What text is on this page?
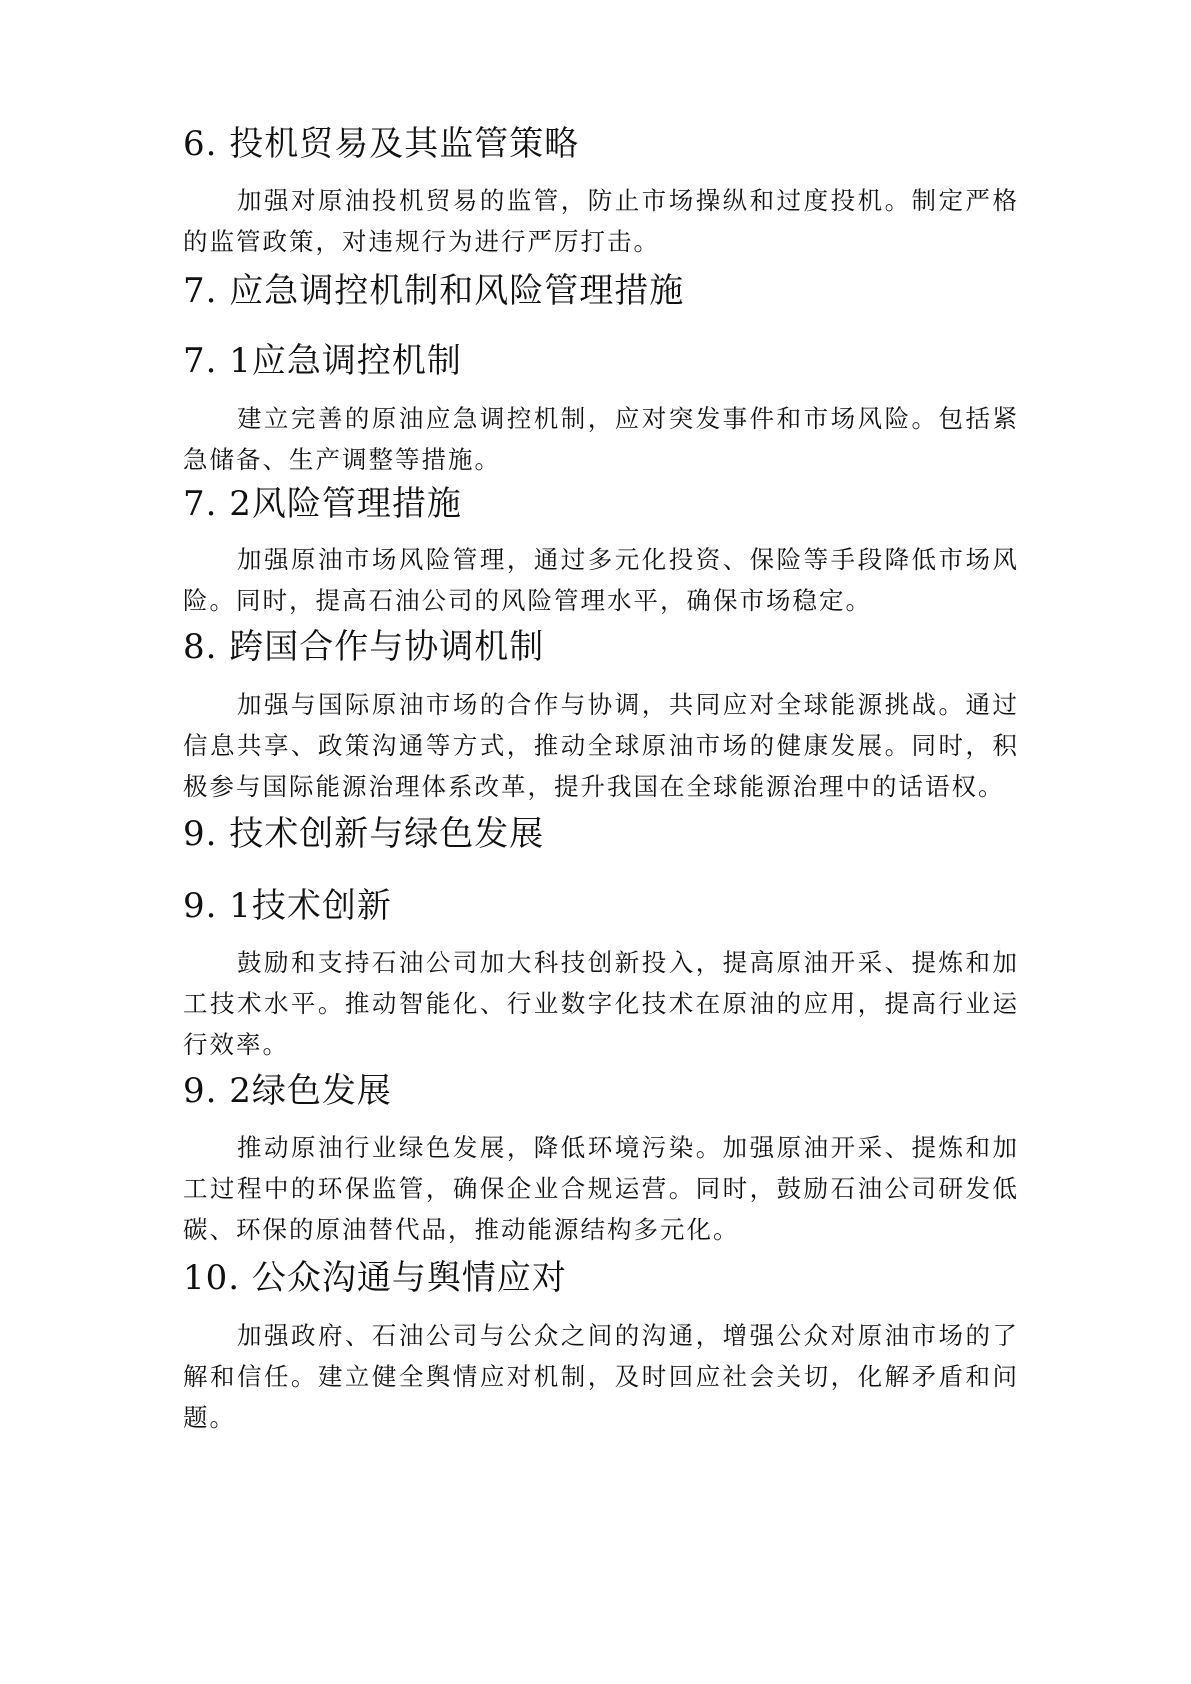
6. 投机贸易及其监管策略

加强对原油投机贸易的监管，防止市场操纵和过度投机。制定严格的监管政策，对违规行为进行严厉打击。

7. 应急调控机制和风险管理措施
7. 1应急调控机制

建立完善的原油应急调控机制，应对突发事件和市场风险。包括紧急储备、生产调整等措施。

7. 2风险管理措施

加强原油市场风险管理，通过多元化投资、保险等手段降低市场风险。同时，提高石油公司的风险管理水平，确保市场稳定。

8. 跨国合作与协调机制

加强与国际原油市场的合作与协调，共同应对全球能源挑战。通过信息共享、政策沟通等方式，推动全球原油市场的健康发展。同时，积极参与国际能源治理体系改革，提升我国在全球能源治理中的话语权。

9. 技术创新与绿色发展
9. 1技术创新

鼓励和支持石油公司加大科技创新投入，提高原油开采、提炼和加工技术水平。推动智能化、行业数字化技术在原油的应用，提高行业运行效率。

9. 2绿色发展

推动原油行业绿色发展，降低环境污染。加强原油开采、提炼和加工过程中的环保监管，确保企业合规运营。同时，鼓励石油公司研发低碳、环保的原油替代品，推动能源结构多元化。

10. 公众沟通与舆情应对

加强政府、石油公司与公众之间的沟通，增强公众对原油市场的了解和信任。建立健全舆情应对机制，及时回应社会关切，化解矛盾和问题。
